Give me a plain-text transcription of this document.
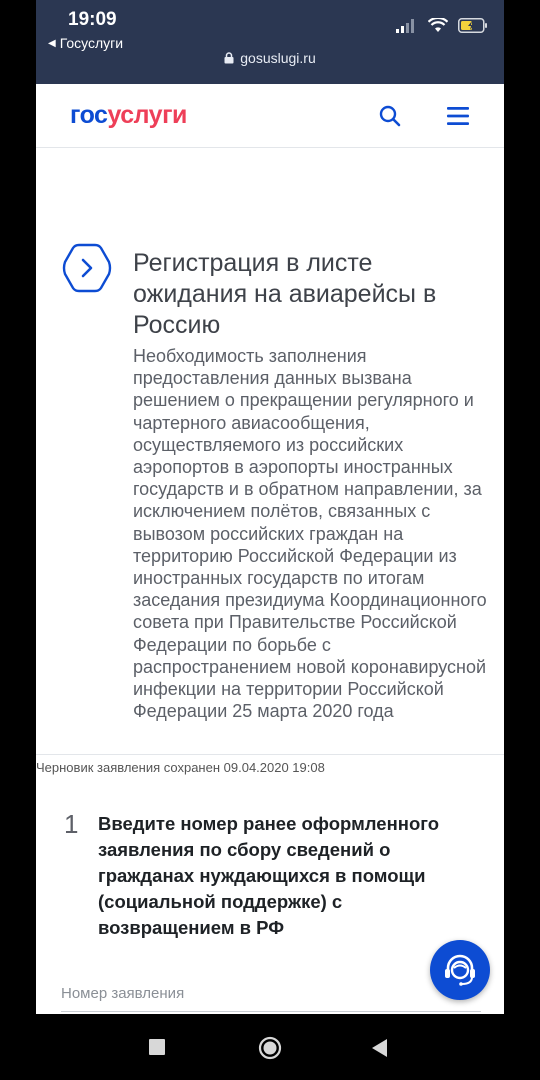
19:09
◀ Госуслуги
gosuslugi.ru
госуслуги
Регистрация в листе ожидания на авиарейсы в Россию

Необходимость заполнения предоставления данных вызвана решением о прекращении регулярного и чартерного авиасообщения, осуществляемого из российских аэропортов в аэропорты иностранных государств и в обратном направлении, за исключением полётов, связанных с вывозом российских граждан на территорию Российской Федерации из иностранных государств по итогам заседания президиума Координационного совета при Правительстве Российской Федерации по борьбе с распространением новой коронавирусной инфекции на территории Российской Федерации 25 марта 2020 года

Черновик заявления сохранен 09.04.2020 19:08
1 Введите номер ранее оформленного заявления по сбору сведений о гражданах нуждающихся в помощи (социальной поддержке) с возвращением в РФ
Номер заявления
